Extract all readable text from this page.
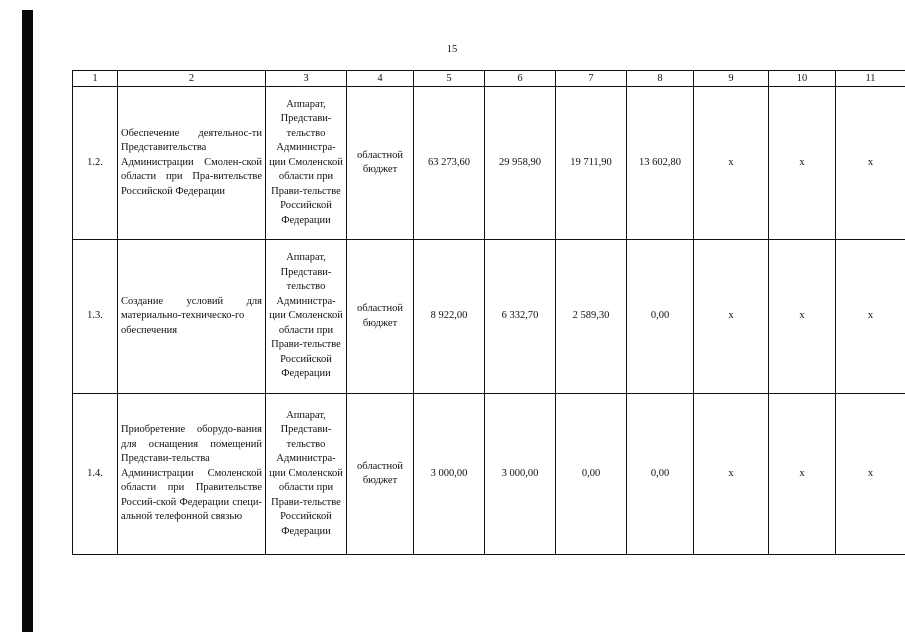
15
1	2	3	4	5	6	7	8	9	10	11
1.2.	Обеспечение деятельнос-ти Представительства Администрации Смолен-ской области при Пра-вительстве Российской Федерации	Аппарат, Представи-тельство Администра-ции Смоленской области при Прави-тельстве Российской Федерации	областной бюджет	63 273,60	29 958,90	19 711,90	13 602,80	x	x	x
1.3.	Создание условий для материально-техническо-го обеспечения	Аппарат, Представи-тельство Администра-ции Смоленской области при Прави-тельстве Российской Федерации	областной бюджет	8 922,00	6 332,70	2 589,30	0,00	x	x	x
1.4.	Приобретение оборудо-вания для оснащения помещений Представи-тельства Администрации Смоленской области при Правительстве Россий-ской Федерации специ-альной телефонной связью	Аппарат, Представи-тельство Администра-ции Смоленской области при Прави-тельстве Российской Федерации	областной бюджет	3 000,00	3 000,00	0,00	0,00	x	x	x
